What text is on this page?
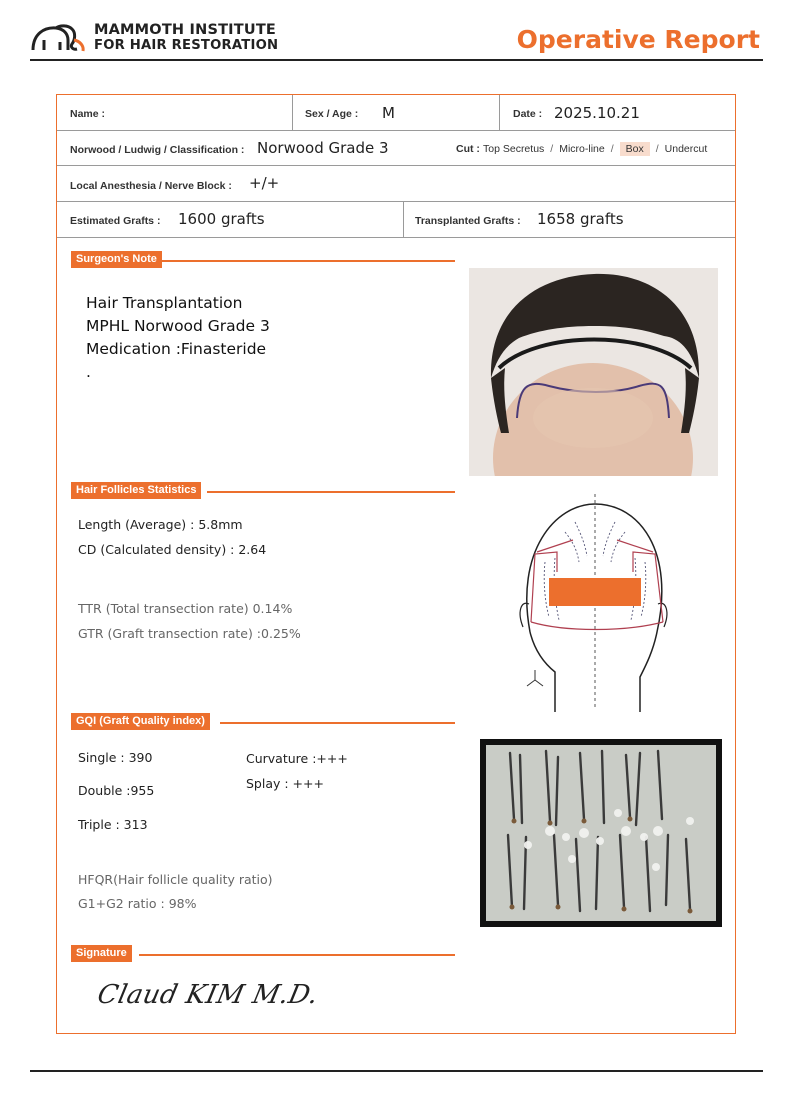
MAMMOTH INSTITUTE
FOR HAIR RESTORATION	Operative Report
Name :	Sex / Age : M	Date : 2025.10.21
Norwood / Ludwig / Classification : Norwood Grade 3	Cut : Top Secretus / Micro-line / Box / Undercut
Local Anesthesia / Nerve Block : +/+
Estimated Grafts : 1600 grafts	Transplanted Grafts : 1658 grafts
Surgeon's Note
Hair Transplantation
MPHL Norwood Grade 3
Medication :Finasteride
.
Hair Follicles Statistics
Length (Average) : 5.8mm
CD (Calculated density) : 2.64
TTR (Total transection rate) 0.14%
GTR (Graft transection rate) :0.25%
GQI (Graft Quality index)
Single : 390
Double :955
Triple : 313
Curvature :+++
Splay : +++
HFQR(Hair follicle quality ratio)
G1+G2 ratio : 98%
Signature
Claud KIM M.D.
